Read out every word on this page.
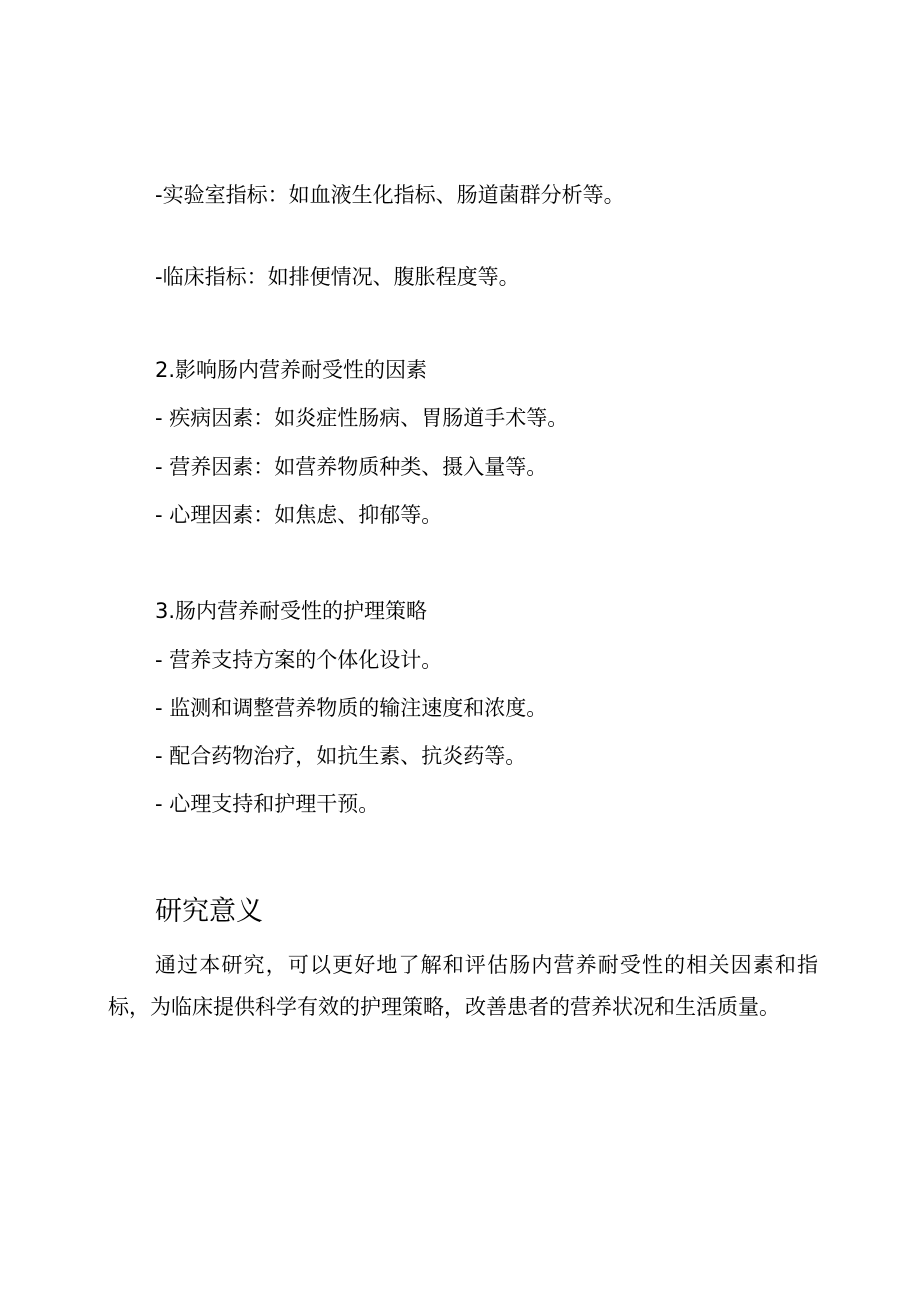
-实验室指标：如血液生化指标、肠道菌群分析等。
-临床指标：如排便情况、腹胀程度等。
2.影响肠内营养耐受性的因素
- 疾病因素：如炎症性肠病、胃肠道手术等。
- 营养因素：如营养物质种类、摄入量等。
- 心理因素：如焦虑、抑郁等。
3.肠内营养耐受性的护理策略
- 营养支持方案的个体化设计。
- 监测和调整营养物质的输注速度和浓度。
- 配合药物治疗，如抗生素、抗炎药等。
- 心理支持和护理干预。
研究意义

通过本研究，可以更好地了解和评估肠内营养耐受性的相关因素和指标，为临床提供科学有效的护理策略，改善患者的营养状况和生活质量。
